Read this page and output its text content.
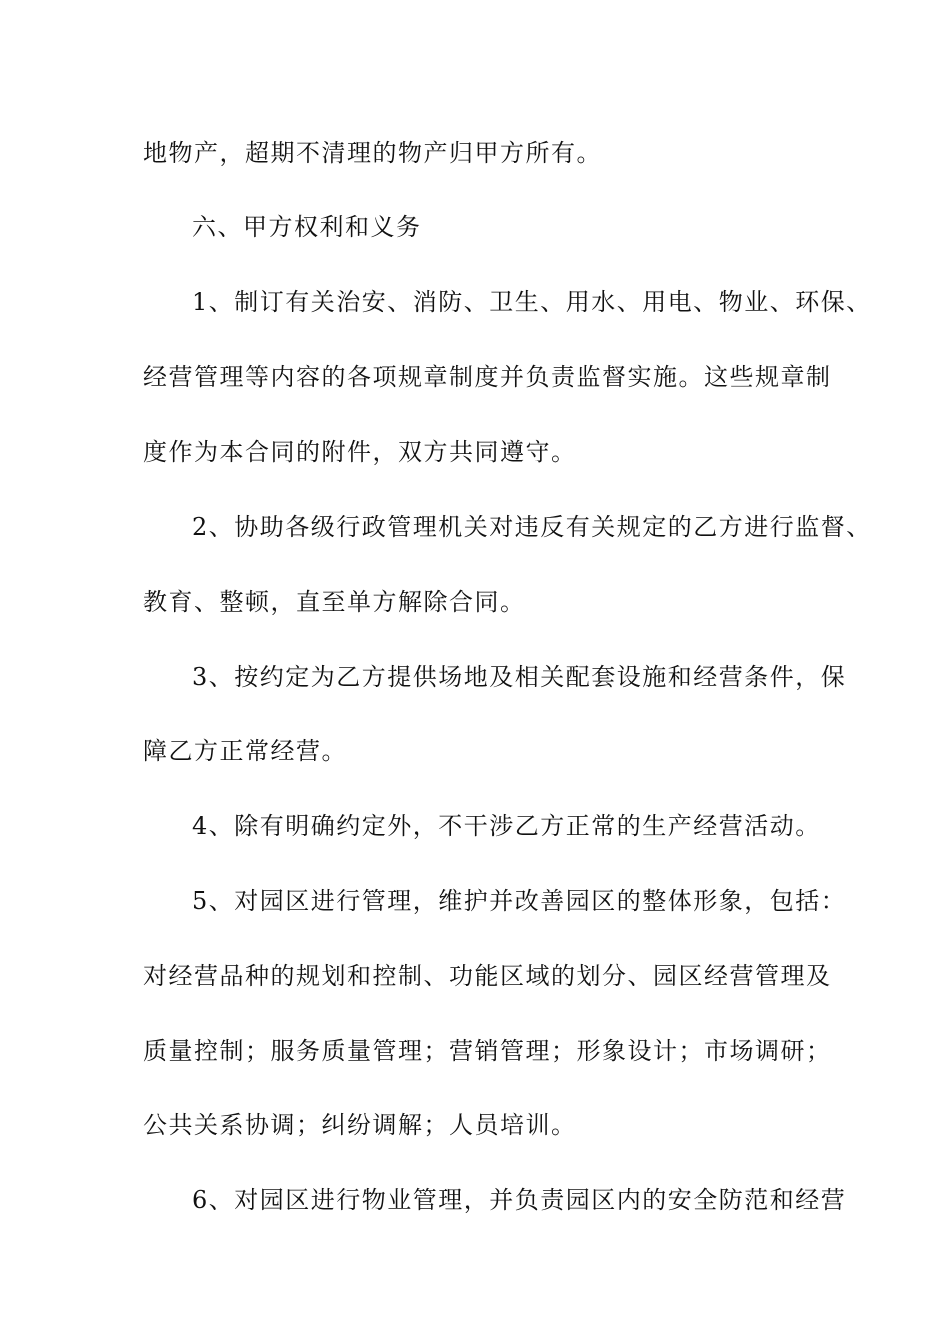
地物产，超期不清理的物产归甲方所有。
六、甲方权利和义务
1、制订有关治安、消防、卫生、用水、用电、物业、环保、
经营管理等内容的各项规章制度并负责监督实施。这些规章制
度作为本合同的附件，双方共同遵守。
2、协助各级行政管理机关对违反有关规定的乙方进行监督、
教育、整顿，直至单方解除合同。
3、按约定为乙方提供场地及相关配套设施和经营条件，保
障乙方正常经营。
4、除有明确约定外，不干涉乙方正常的生产经营活动。
5、对园区进行管理，维护并改善园区的整体形象，包括：
对经营品种的规划和控制、功能区域的划分、园区经营管理及
质量控制；服务质量管理；营销管理；形象设计；市场调研；
公共关系协调；纠纷调解；人员培训。
6、对园区进行物业管理，并负责园区内的安全防范和经营
